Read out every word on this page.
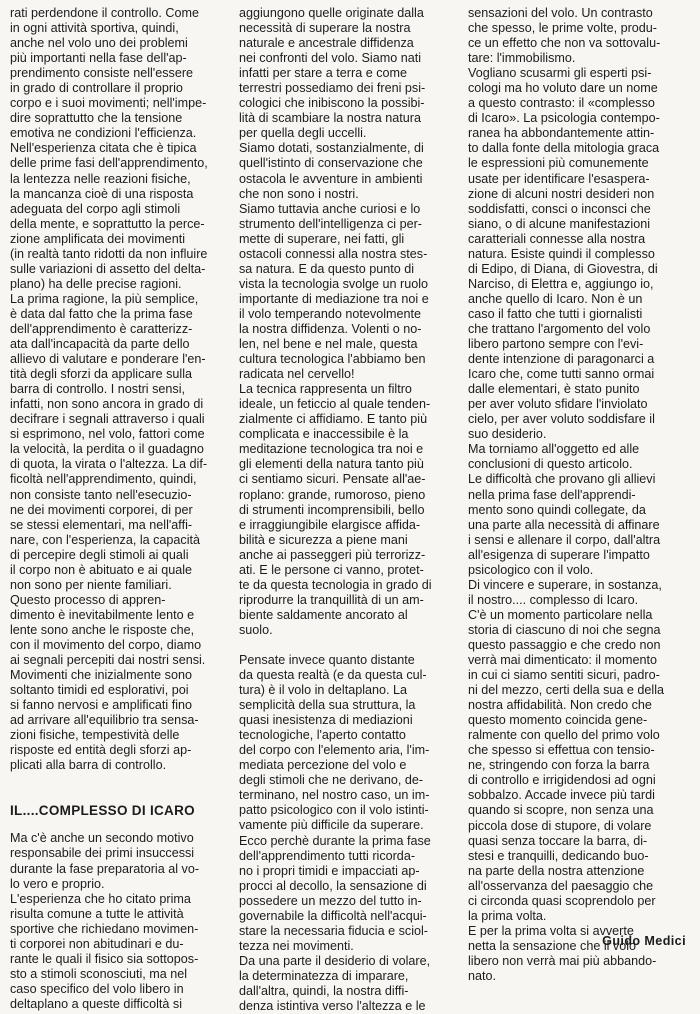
rati perdendone il controllo. Come
in ogni attività sportiva, quindi,
anche nel volo uno dei problemi
più importanti nella fase dell'ap-
prendimento consiste nell'essere
in grado di controllare il proprio
corpo e i suoi movimenti; nell'impe-
dire soprattutto che la tensione
emotiva ne condizioni l'efficienza.

Nell'esperienza citata che è tipica
delle prime fasi dell'apprendimento,
la lentezza nelle reazioni fisiche,
la mancanza cioè di una risposta
adeguata del corpo agli stimoli
della mente, e soprattutto la perce-
zione amplificata dei movimenti
(in realtà tanto ridotti da non influire
sulle variazioni di assetto del delta-
plano) ha delle precise ragioni.

La prima ragione, la più semplice,
è data dal fatto che la prima fase
dell'apprendimento è caratterizz-
ata dall'incapacità da parte dello
allievo di valutare e ponderare l'en-
tità degli sforzi da applicare sulla
barra di controllo. I nostri sensi,
infatti, non sono ancora in grado di
decifrare i segnali attraverso i quali
si esprimono, nel volo, fattori come
la velocità, la perdita o il guadagno
di quota, la virata o l'altezza. La dif-
ficoltà nell'apprendimento, quindi,
non consiste tanto nell'esecuzio-
ne dei movimenti corporei, di per
se stessi elementari, ma nell'affi-
nare, con l'esperienza, la capacità
di percepire degli stimoli ai quali
il corpo non è abituato e ai quale
non sono per niente familiari.

Questo processo di appren-
dimento è inevitabilmente lento e
lente sono anche le risposte che,
con il movimento del corpo, diamo
ai segnali percepiti dai nostri sensi.
Movimenti che inizialmente sono
soltanto timidi ed esplorativi, poi
si fanno nervosi e amplificati fino
ad arrivare all'equilibrio tra sensa-
zioni fisiche, tempestività delle
risposte ed entità degli sforzi ap-
plicati alla barra di controllo.

IL....COMPLESSO DI ICARO

Ma c'è anche un secondo motivo
responsabile dei primi insuccessi
durante la fase preparatoria al vo-
lo vero e proprio.

L'esperienza che ho citato prima
risulta comune a tutte le attività
sportive che richiedano movimen-
ti corporei non abitudinari e du-
rante le quali il fisico sia sottopos-
sto a stimoli sconosciuti, ma nel
caso specifico del volo libero in
deltaplano a queste difficoltà si

aggiungono quelle originate dalla
necessità di superare la nostra
naturale e ancestrale diffidenza
nei confronti del volo. Siamo nati
infatti per stare a terra e come
terrestri possediamo dei freni psi-
cologici che inibiscono la possibi-
lità di scambiare la nostra natura
per quella degli uccelli.

Siamo dotati, sostanzialmente, di
quell'istinto di conservazione che
ostacola le avventure in ambienti
che non sono i nostri.

Siamo tuttavia anche curiosi e lo
strumento dell'intelligenza ci per-
mette di superare, nei fatti, gli
ostacoli connessi alla nostra stes-
sa natura. E da questo punto di
vista la tecnologia svolge un ruolo
importante di mediazione tra noi e
il volo temperando notevolmente
la nostra diffidenza. Volenti o no-
len, nel bene e nel male, questa
cultura tecnologica l'abbiamo ben
radicata nel cervello!

La tecnica rappresenta un filtro
ideale, un feticcio al quale tenden-
zialmente ci affidiamo. E tanto più
complicata e inaccessibile è la
meditazione tecnologica tra noi e
gli elementi della natura tanto più
ci sentiamo sicuri. Pensate all'ae-
roplano: grande, rumoroso, pieno
di strumenti incomprensibili, bello
e irraggiungibile elargisce affida-
bilità e sicurezza a piene mani
anche ai passeggeri più terrorizz-
ati. E le persone ci vanno, protet-
te da questa tecnologia in grado di
riprodurre la tranquillità di un am-
biente saldamente ancorato al
suolo.

Pensate invece quanto distante
da questa realtà (e da questa cul-
tura) è il volo in deltaplano. La
semplicità della sua struttura, la
quasi inesistenza di mediazioni
tecnologiche, l'aperto contatto
del corpo con l'elemento aria, l'im-
mediata percezione del volo e
degli stimoli che ne derivano, de-
terminano, nel nostro caso, un im-
patto psicologico con il volo istinti-
vamente più difficile da superare.

Ecco perchè durante la prima fase
dell'apprendimento tutti ricorda-
no i propri timidi e impacciati ap-
procci al decollo, la sensazione di
possedere un mezzo del tutto in-
governabile la difficoltà nell'acqui-
stare la necessaria fiducia e sciol-
tezza nei movimenti.

Da una parte il desiderio di volare,
la determinatezza di imparare,
dall'altra, quindi, la nostra diffi-
denza istintiva verso l'altezza e le

sensazioni del volo. Un contrasto
che spesso, le prime volte, produ-
ce un effetto che non va sottovalu-
tare: l'immobilismo.

Vogliano scusarmi gli esperti psi-
cologi ma ho voluto dare un nome
a questo contrasto: il «complesso
di Icaro». La psicologia contempo-
ranea ha abbondantemente attin-
to dalla fonte della mitologia graca
le espressioni più comunemente
usate per identificare l'esaspera-
zione di alcuni nostri desideri non
soddisfatti, consci o inconsci che
siano, o di alcune manifestazioni
caratteriali connesse alla nostra
natura. Esiste quindi il complesso
di Edipo, di Diana, di Giovestra, di
Narciso, di Elettra e, aggiungo io,
anche quello di Icaro. Non è un
caso il fatto che tutti i giornalisti
che trattano l'argomento del volo
libero partono sempre con l'evi-
dente intenzione di paragonarci a
Icaro che, come tutti sanno ormai
dalle elementari, è stato punito
per aver voluto sfidare l'inviolato
cielo, per aver voluto soddisfare il
suo desiderio.

Ma torniamo all'oggetto ed alle
conclusioni di questo articolo.

Le difficoltà che provano gli allievi
nella prima fase dell'apprendi-
mento sono quindi collegate, da
una parte alla necessità di affinare
i sensi e allenare il corpo, dall'altra
all'esigenza di superare l'impatto
psicologico con il volo.

Di vincere e superare, in sostanza,
il nostro.... complesso di Icaro.

C'è un momento particolare nella
storia di ciascuno di noi che segna
questo passaggio e che credo non
verrà mai dimenticato: il momento
in cui ci siamo sentiti sicuri, padro-
ni del mezzo, certi della sua e della
nostra affidabilità. Non credo che
questo momento coincida gene-
ralmente con quello del primo volo
che spesso si effettua con tensio-
ne, stringendo con forza la barra
di controllo e irrigidendosi ad ogni
sobbalzo. Accade invece più tardi
quando si scopre, non senza una
piccola dose di stupore, di volare
quasi senza toccare la barra, di-
stesi e tranquilli, dedicando buo-
na parte della nostra attenzione
all'osservanza del paesaggio che
ci circonda quasi scoprendolo per
la prima volta.

E per la prima volta si avverte
netta la sensazione che il volo
libero non verrà mai più abbando-
nato.

Guido Medici
